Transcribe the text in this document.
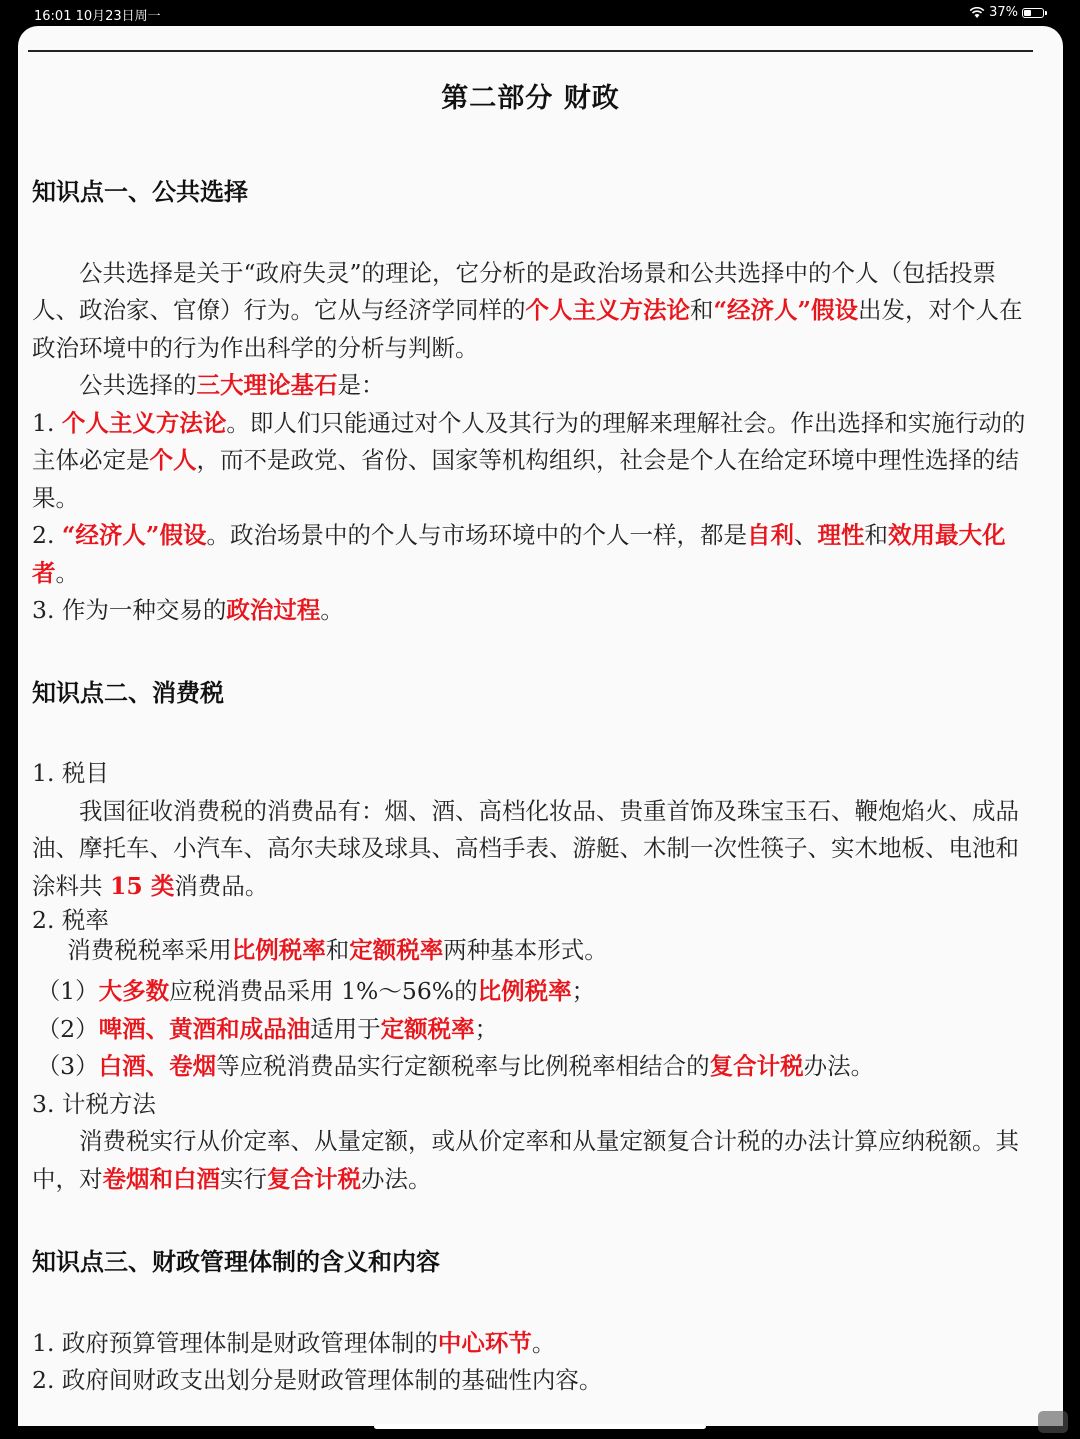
16:01 10月23日周一	37%
第二部分 财政

知识点一、公共选择

公共选择是关于“政府失灵”的理论，它分析的是政治场景和公共选择中的个人（包括投票人、政治家、官僚）行为。它从与经济学同样的个人主义方法论和“经济人”假设出发，对个人在政治环境中的行为作出科学的分析与判断。

公共选择的三大理论基石是：

1. 个人主义方法论。即人们只能通过对个人及其行为的理解来理解社会。作出选择和实施行动的主体必定是个人，而不是政党、省份、国家等机构组织，社会是个人在给定环境中理性选择的结果。

2. “经济人”假设。政治场景中的个人与市场环境中的个人一样，都是自利、理性和效用最大化者。

3. 作为一种交易的政治过程。

知识点二、消费税

1. 税目

我国征收消费税的消费品有：烟、酒、高档化妆品、贵重首饰及珠宝玉石、鞭炮焰火、成品油、摩托车、小汽车、高尔夫球及球具、高档手表、游艇、木制一次性筷子、实木地板、电池和涂料共 15 类消费品。

2. 税率

消费税税率采用比例税率和定额税率两种基本形式。

（1）大多数应税消费品采用 1%～56%的比例税率；

（2）啤酒、黄酒和成品油适用于定额税率；

（3）白酒、卷烟等应税消费品实行定额税率与比例税率相结合的复合计税办法。

3. 计税方法

消费税实行从价定率、从量定额，或从价定率和从量定额复合计税的办法计算应纳税额。其中，对卷烟和白酒实行复合计税办法。

知识点三、财政管理体制的含义和内容

1. 政府预算管理体制是财政管理体制的中心环节。

2. 政府间财政支出划分是财政管理体制的基础性内容。
